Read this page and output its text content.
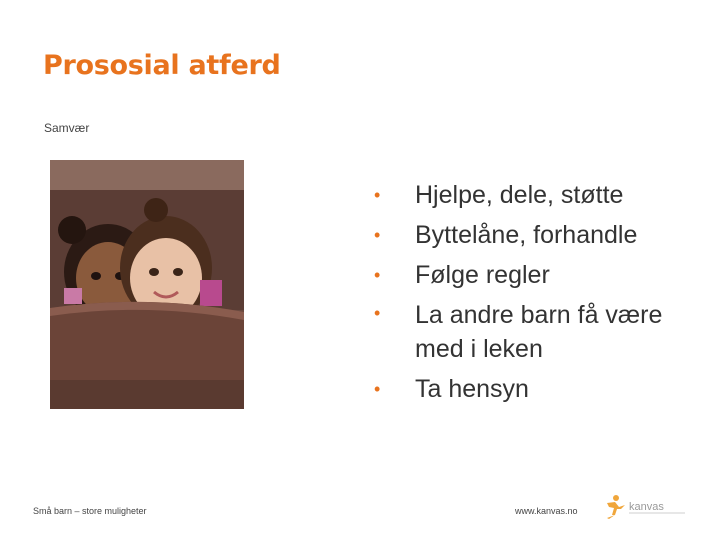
Prososial atferd
Samvær
• Hjelpe, dele, støtte
• Byttelåne, forhandle
• Følge regler
• La andre barn få være med i leken
• Ta hensyn
Små barn – store muligheter	www.kanvas.no	kanvas
